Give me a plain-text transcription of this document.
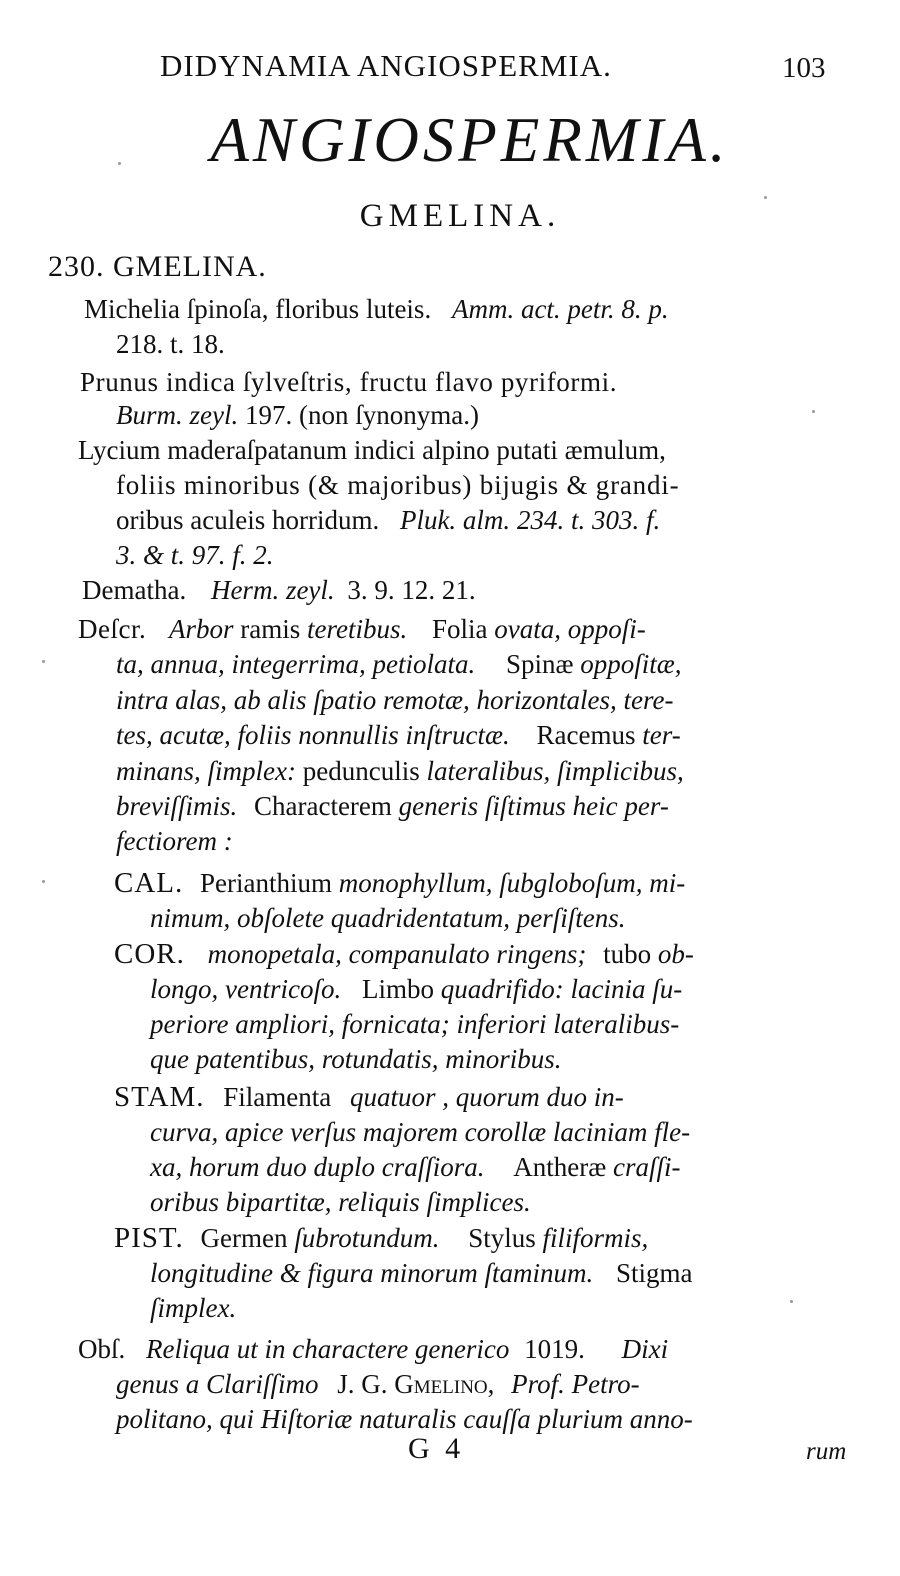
DIDYNAMIA ANGIOSPERMIA.	103
ANGIOSPERMIA.
GMELINA.
230. GMELINA.
Michelia ſpinoſa, floribus luteis. Amm. act. petr. 8. p.
218. t. 18.
Prunus indica ſylveſtris, fructu flavo pyriformi.
Burm. zeyl. 197. (non ſynonyma.)
Lycium maderaſpatanum indici alpino putati æmulum,
foliis minoribus (& majoribus) bijugis & grandi-
oribus aculeis horridum. Pluk. alm. 234. t. 303. f.
3. & t. 97. f. 2.
Dematha. Herm. zeyl. 3. 9. 12. 21.
Deſcr. Arbor ramis teretibus. Folia ovata, oppoſi-
ta, annua, integerrima, petiolata. Spinæ oppoſitæ,
intra alas, ab alis ſpatio remotæ, horizontales, tere-
tes, acutæ, foliis nonnullis inſtructæ. Racemus ter-
minans, ſimplex: pedunculis lateralibus, ſimplicibus,
breviſſimis. Characterem generis ſiſtimus heic per-
fectiorem :
CAL. Perianthium monophyllum, ſubgloboſum, mi-
nimum, obſolete quadridentatum, perſiſtens.
COR. monopetala, companulato ringens; tubo ob-
longo, ventricoſo. Limbo quadrifido: lacinia ſu-
periore ampliori, fornicata; inferiori lateralibus-
que patentibus, rotundatis, minoribus.
STAM. Filamenta quatuor , quorum duo in-
curva, apice verſus majorem corollæ laciniam fle-
xa, horum duo duplo craſſiora. Antheræ craſſi-
oribus bipartitæ, reliquis ſimplices.
PIST. Germen ſubrotundum. Stylus filiformis,
longitudine & figura minorum ſtaminum. Stigma
ſimplex.
Obſ. Reliqua ut in charactere generico 1019. Dixi
genus a Clariſſimo J. G. Gmelino, Prof. Petro-
politano, qui Hiſtoriæ naturalis cauſſa plurium anno-
G 4	rum
